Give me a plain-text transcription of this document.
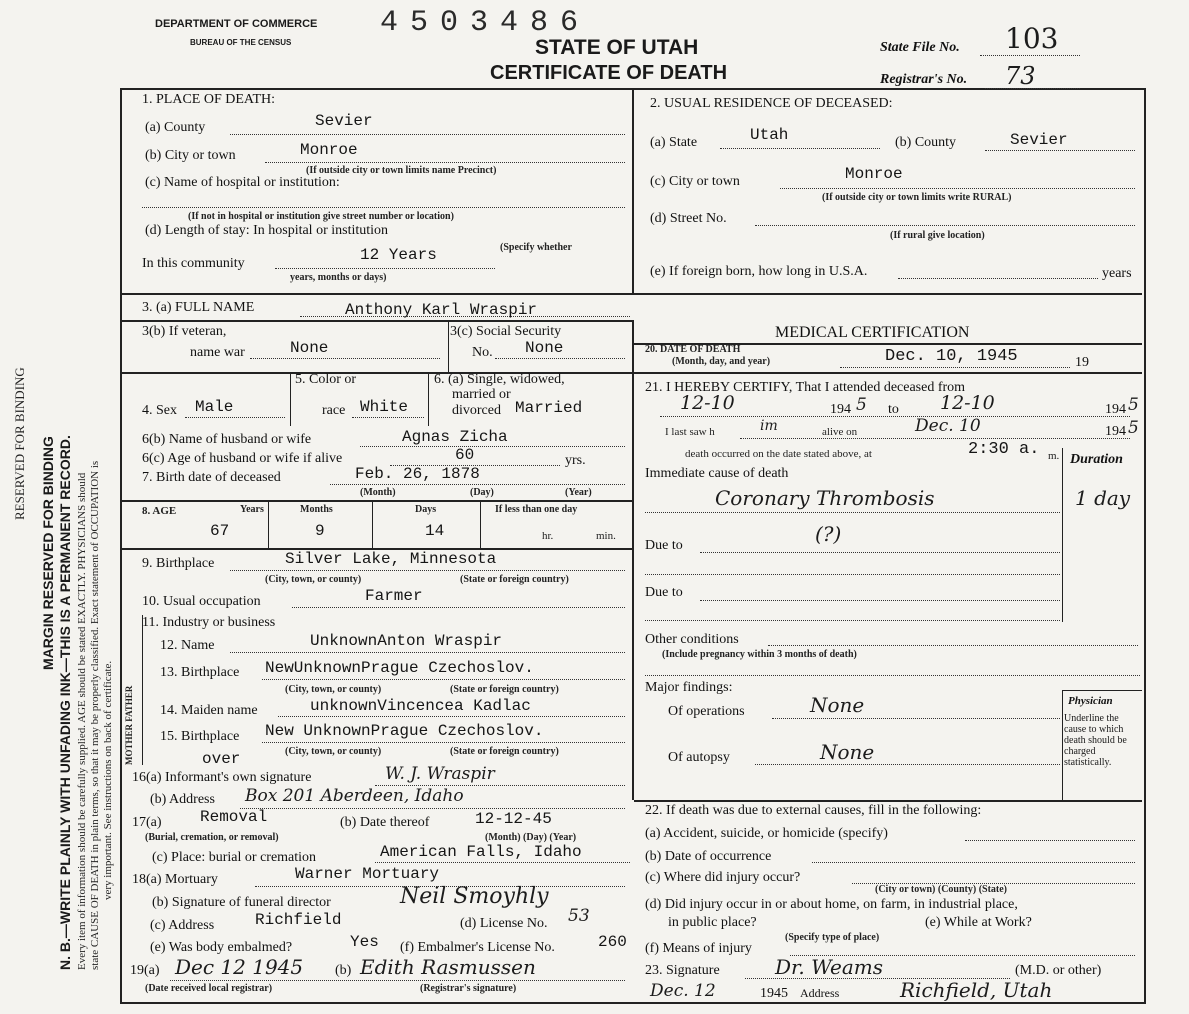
DEPARTMENT OF COMMERCE
BUREAU OF THE CENSUS
4503486
STATE OF UTAH
CERTIFICATE OF DEATH
State File No. 103
Registrar's No. 73
MARGIN RESERVED FOR BINDING N. B.—WRITE PLAINLY WITH UNFADING INK—THIS IS A PERMANENT RECORD. Every item of information should be carefully supplied. AGE should be stated EXACTLY. PHYSICIANS should state CAUSE OF DEATH in plain terms, so that it may be properly classified. Exact statement of OCCUPATION is very important. See instructions on back of certificate.
RESERVED FOR BINDING
MOTHER FATHER
1. PLACE OF DEATH:
(a) County	Sevier
(b) City or town	Monroe
(If outside city or town limits name Precinct)
(c) Name of hospital or institution:
(If not in hospital or institution give street number or location)
(d) Length of stay: In hospital or institution
(Specify whether
In this community	12 Years
years, months or days)
2. USUAL RESIDENCE OF DECEASED:
(a) State	Utah	(b) County	Sevier
(c) City or town	Monroe
(If outside city or town limits write RURAL)
(d) Street No.
(If rural give location)
(e) If foreign born, how long in U.S.A.	years
3. (a) FULL NAME	Anthony Karl Wraspir
3(b) If veteran,
name war	None
3(c) Social Security
No. None
4. Sex Male
5. Color or
race White
6. (a) Single, widowed,
married or
divorced Married
6(b) Name of husband or wife	Agnas Zicha
6(c) Age of husband or wife if alive	60	yrs.
7. Birth date of deceased	Feb. 26, 1878
(Month)	(Day)	(Year)
8. AGE	Years	Months	Days	If less than one day
67	9	14	hr.	min.
9. Birthplace	Silver Lake, Minnesota
(City, town, or county)	(State or foreign country)
10. Usual occupation	Farmer
11. Industry or business
12. Name	UnknownAnton Wraspir
13. Birthplace NewUnknownPrague Czechoslov.
(City, town, or county)	(State or foreign country)
14. Maiden name	unknownVincencea Kadlac
15. Birthplace New UnknownPrague Czechoslov.
over	(City, town, or county)	(State or foreign country)
16(a) Informant's own signature	W. J. Wraspir
(b) Address Box 201 Aberdeen, Idaho
17(a) Removal
(Burial, cremation, or removal)
(b) Date thereof	12-12-45
(Month) (Day) (Year)
(c) Place: burial or cremation	American Falls, Idaho
18(a) Mortuary	Warner Mortuary
(b) Signature of funeral director	Neil Smoyhly
(c) Address	Richfield	(d) License No. 53
(e) Was body embalmed?	Yes (f) Embalmer's License No.	260
19(a) Dec 12 1945 (b) Edith Rasmussen
(Date received local registrar)	(Registrar's signature)
MEDICAL CERTIFICATION
20. DATE OF DEATH
(Month, day, and year)	Dec. 10, 1945	19
21. I HEREBY CERTIFY, That I attended deceased from
12-10	194 5 to 12-10	194 5
I last saw h	im	alive on	Dec. 10	194 5
death occurred on the date stated above, at	2:30 a. m. Duration
Immediate cause of death
Coronary Thrombosis	1 day
Due to	(?)
Due to
Other conditions
(Include pregnancy within 3 months of death)
Major findings:
Of operations	None
Of autopsy	None
Physician
Underline the cause to which death should be charged statistically.
22. If death was due to external causes, fill in the following:
(a) Accident, suicide, or homicide (specify)
(b) Date of occurrence
(c) Where did injury occur?
(City or town) (County) (State)
(d) Did injury occur in or about home, on farm, in industrial place,
in public place?	(e) While at Work?
(Specify type of place)
(f) Means of injury
23. Signature	Dr. Weams	(M.D. or other)
Dec. 12	1945 Address	Richfield, Utah
